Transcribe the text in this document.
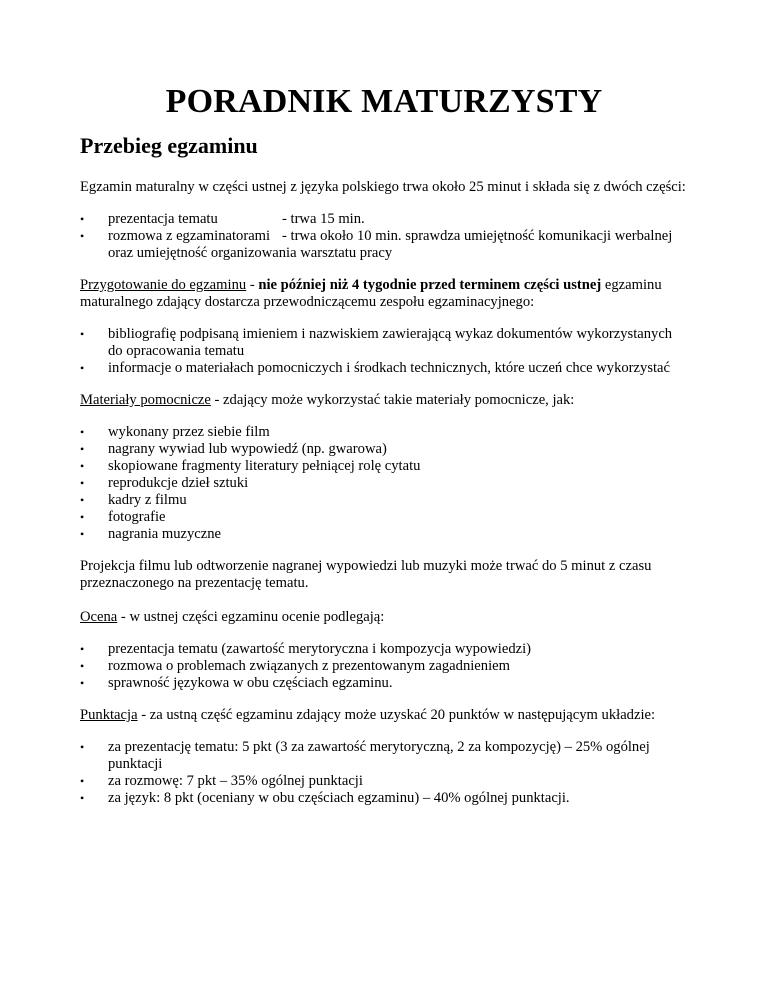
PORADNIK MATURZYSTY
Przebieg egzaminu

Egzamin maturalny w części ustnej z języka polskiego trwa około 25 minut i składa się z dwóch części:

• prezentacja tematu	- trwa 15 min.
• rozmowa z egzaminatorami - trwa około 10 min. sprawdza umiejętność komunikacji werbalnej oraz umiejętność organizowania warsztatu pracy

Przygotowanie do egzaminu - nie później niż 4 tygodnie przed terminem części ustnej egzaminu maturalnego zdający dostarcza przewodniczącemu zespołu egzaminacyjnego:

• bibliografię podpisaną imieniem i nazwiskiem zawierającą wykaz dokumentów wykorzystanych do opracowania tematu
• informacje o materiałach pomocniczych i środkach technicznych, które uczeń chce wykorzystać

Materiały pomocnicze - zdający może wykorzystać takie materiały pomocnicze, jak:

• wykonany przez siebie film
• nagrany wywiad lub wypowiedź (np. gwarowa)
• skopiowane fragmenty literatury pełniącej rolę cytatu
• reprodukcje dzieł sztuki
• kadry z filmu
• fotografie
• nagrania muzyczne

Projekcja filmu lub odtworzenie nagranej wypowiedzi lub muzyki może trwać do 5 minut z czasu przeznaczonego na prezentację tematu.

Ocena - w ustnej części egzaminu ocenie podlegają:

• prezentacja tematu (zawartość merytoryczna i kompozycja wypowiedzi)
• rozmowa o problemach związanych z prezentowanym zagadnieniem
• sprawność językowa w obu częściach egzaminu.

Punktacja - za ustną część egzaminu zdający może uzyskać 20 punktów w następującym układzie:

• za prezentację tematu: 5 pkt (3 za zawartość merytoryczną, 2 za kompozycję) – 25% ogólnej punktacji
• za rozmowę: 7 pkt – 35% ogólnej punktacji
• za język: 8 pkt (oceniany w obu częściach egzaminu) – 40% ogólnej punktacji.
